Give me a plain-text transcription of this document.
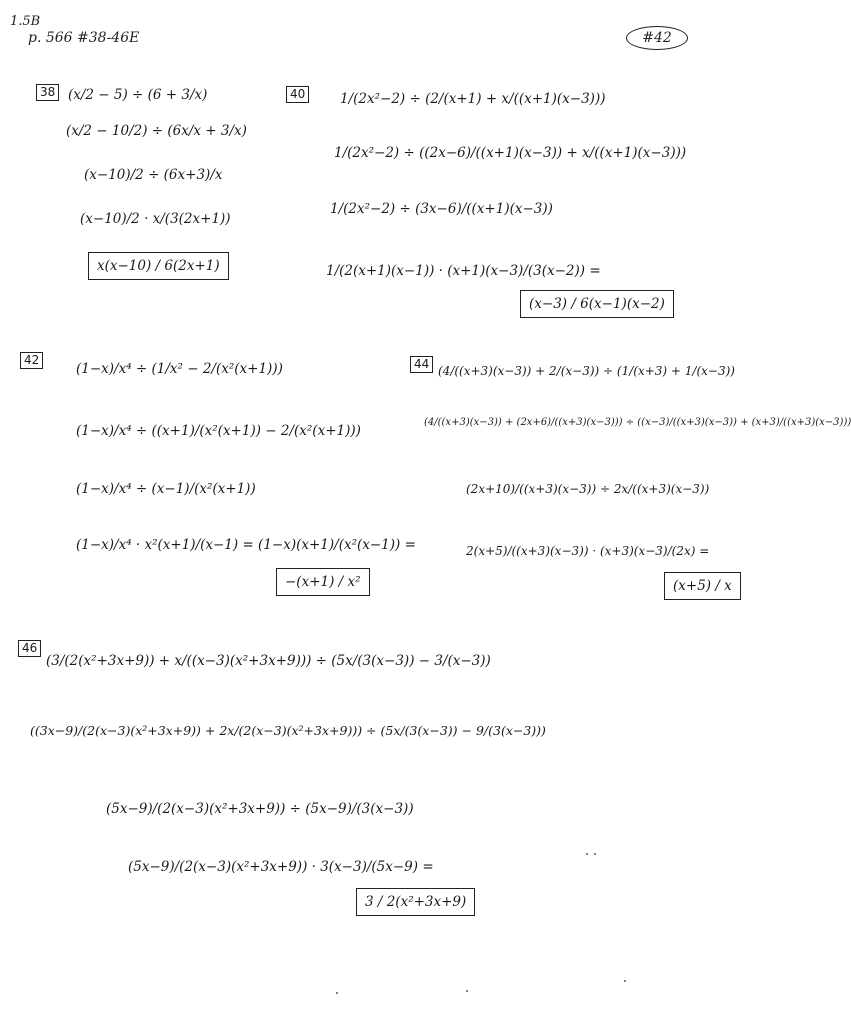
1.5B
p. 566 #38-46E	#42
38 (x/2 − 5) ÷ (6 + 3/x)
(x/2 − 10/2) ÷ (6x/x + 3/x)
(x−10)/2 ÷ (6x+3)/x
(x−10)/2 · x/(3(2x+1))
x(x−10) / 6(2x+1)
40	1/(2x²−2) ÷ (2/(x+1) + x/((x+1)(x−3)))
1/(2x²−2) ÷ ((2x−6)/((x+1)(x−3)) + x/((x+1)(x−3)))
1/(2x²−2) ÷ (3x−6)/((x+1)(x−3))
1/(2(x+1)(x−1)) · (x+1)(x−3)/(3(x−2)) =
(x−3) / 6(x−1)(x−2)
42
(1−x)/x⁴ ÷ (1/x² − 2/(x²(x+1)))
(1−x)/x⁴ ÷ ((x+1)/(x²(x+1)) − 2/(x²(x+1)))
(1−x)/x⁴ ÷ (x−1)/(x²(x+1))
(1−x)/x⁴ · x²(x+1)/(x−1) = (1−x)(x+1)/(x²(x−1)) =
−(x+1) / x²
44 (4/((x+3)(x−3)) + 2/(x−3)) ÷ (1/(x+3) + 1/(x−3))
(4/((x+3)(x−3)) + (2x+6)/((x+3)(x−3))) ÷ ((x−3)/((x+3)(x−3)) + (x+3)/((x+3)(x−3)))
(2x+10)/((x+3)(x−3)) ÷ 2x/((x+3)(x−3))
2(x+5)/((x+3)(x−3)) · (x+3)(x−3)/(2x) =
(x+5) / x
46
(3/(2(x²+3x+9)) + x/((x−3)(x²+3x+9))) ÷ (5x/(3(x−3)) − 3/(x−3))
((3x−9)/(2(x−3)(x²+3x+9)) + 2x/(2(x−3)(x²+3x+9))) ÷ (5x/(3(x−3)) − 9/(3(x−3)))
(5x−9)/(2(x−3)(x²+3x+9)) ÷ (5x−9)/(3(x−3))
(5x−9)/(2(x−3)(x²+3x+9)) · 3(x−3)/(5x−9) =
3 / 2(x²+3x+9)
